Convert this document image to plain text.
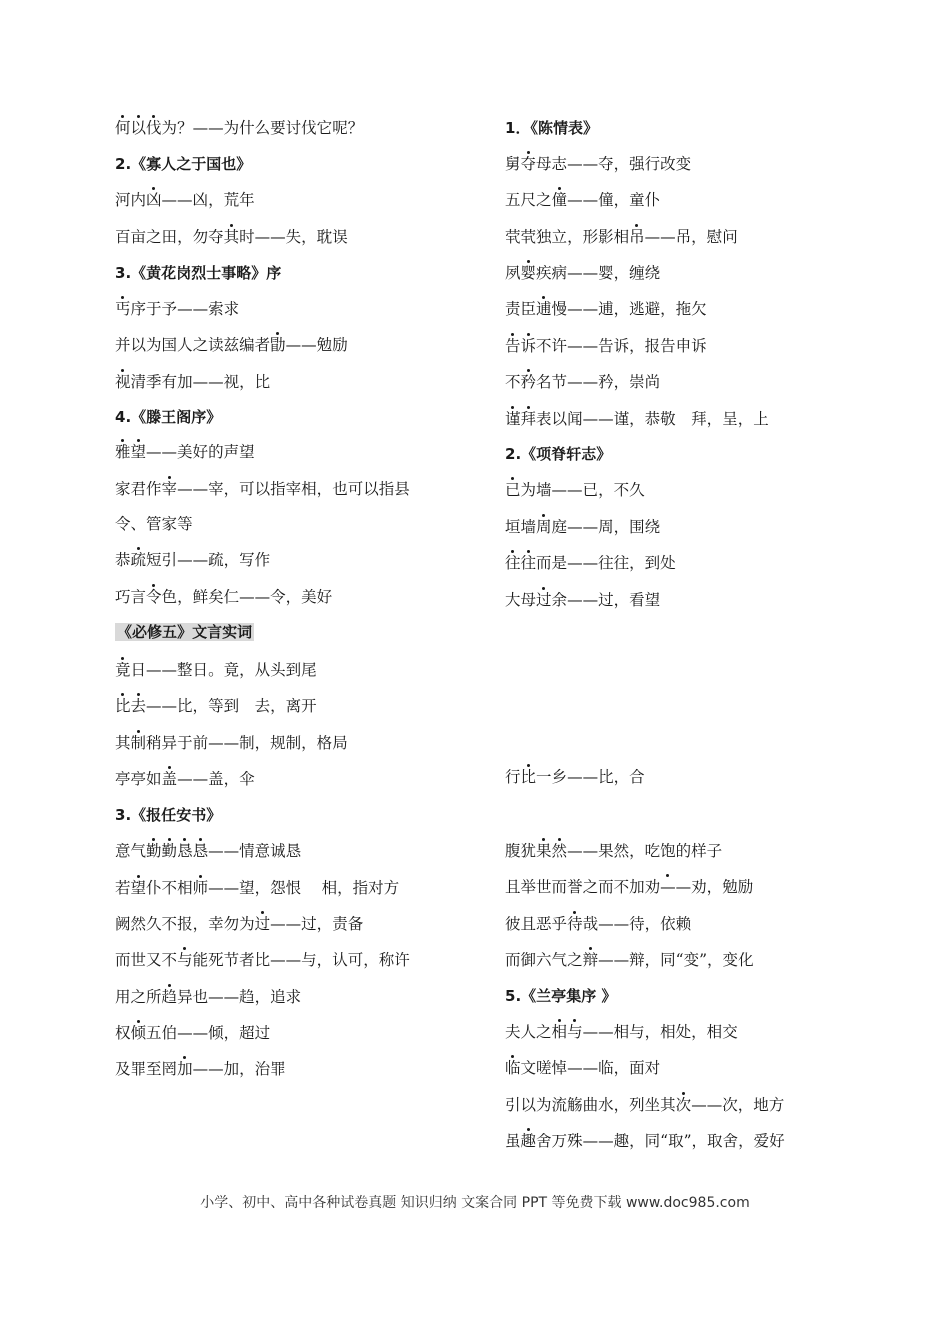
何以伐为？——为什么要讨伐它呢？
2.《寡人之于国也》
河内凶——凶，荒年
百亩之田，勿夺其时——失，耽误
3.《黄花岗烈士事略》序
丐序于予——索求
并以为国人之读兹编者勖——勉励
视清季有加——视，比
4.《滕王阁序》
雅望——美好的声望
家君作宰——宰，可以指宰相，也可以指县
令、管家等
恭疏短引——疏，写作
巧言令色，鲜矣仁——令，美好
《必修五》文言实词
竟日——整日。竟，从头到尾
比去——比，等到　 去，离开
其制稍异于前——制，规制，格局
亭亭如盖——盖，伞
3.《报任安书》
意气勤勤恳恳——情意诚恳
若望仆不相师——望，怨恨　 相，指对方
阙然久不报，幸勿为过——过，责备
而世又不与能死节者比——与，认可，称许
用之所趋异也——趋，追求
权倾五伯——倾，超过
及罪至罔加——加，治罪
1．《陈情表》
舅夺母志——夺，强行改变
五尺之僮——僮，童仆
茕茕独立，形影相吊——吊，慰问
夙婴疾病——婴，缠绕
责臣逋慢——逋，逃避，拖欠
告诉不许——告诉，报告申诉
不矜名节——矜，崇尚
谨拜表以闻——谨，恭敬　 拜，呈，上
2.《项脊轩志》
已为墙——已，不久
垣墙周庭——周，围绕
往往而是——往往，到处
大母过余——过，看望
行比一乡——比，合
腹犹果然——果然，吃饱的样子
且举世而誉之而不加劝——劝，勉励
彼且恶乎待哉——待，依赖
而御六气之辩——辩，同“变”，变化
5.《兰亭集序 》
夫人之相与——相与，相处，相交
临文嗟悼——临，面对
引以为流觞曲水，列坐其次——次，地方
虽趣舍万殊——趣，同“取”，取舍，爱好
小学、初中、高中各种试卷真题 知识归纳 文案合同 PPT 等免费下载 www.doc985.com
